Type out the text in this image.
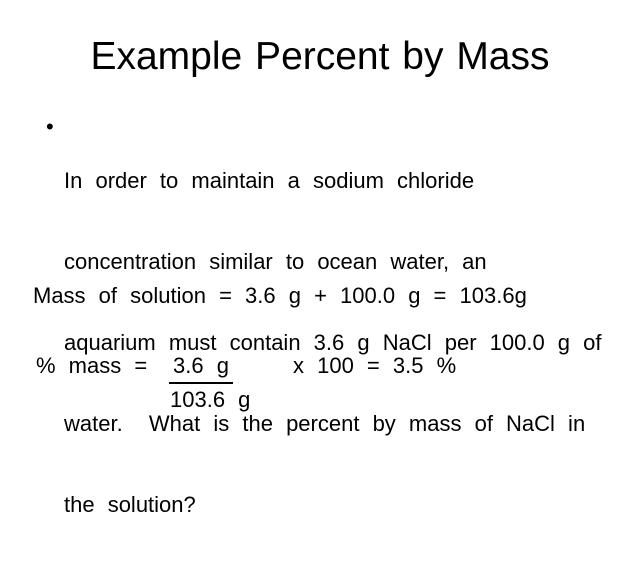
Example Percent by Mass
•

In order to maintain a sodium chloride

concentration similar to ocean water, an

aquarium must contain 3.6 g NaCl per 100.0 g of

water.  What is the percent by mass of NaCl in

the solution?

Mass of solution = 3.6 g + 100.0 g = 103.6g
% mass = 3.6 g	x 100 = 3.5 %
103.6 g
